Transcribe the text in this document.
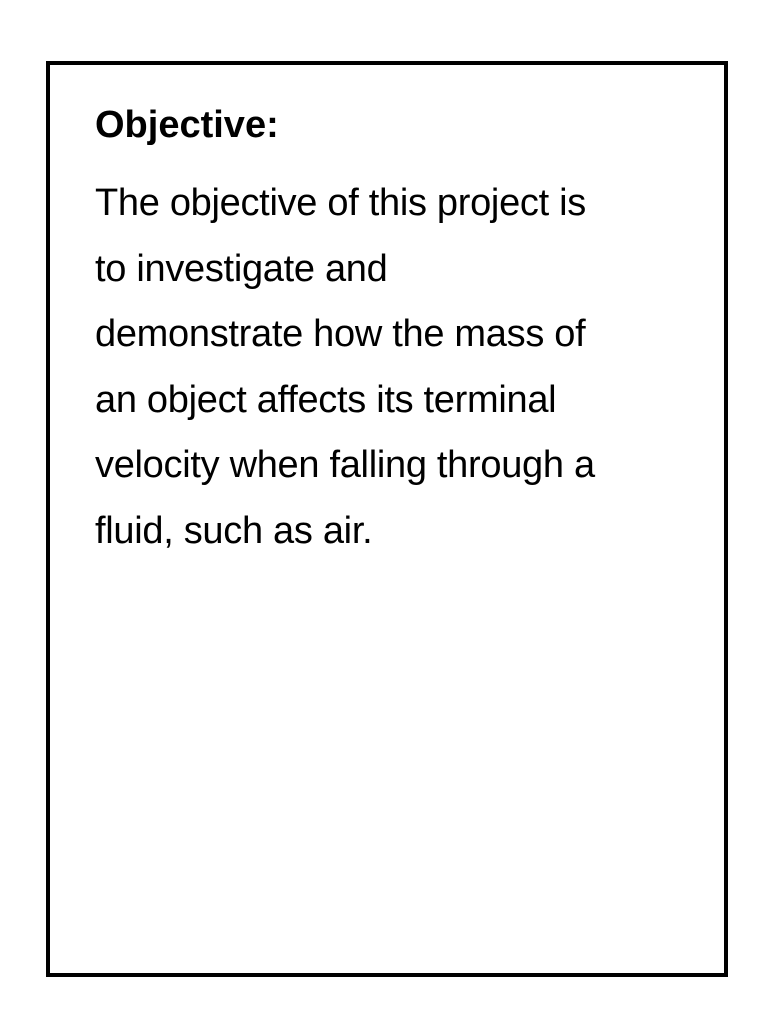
Objective:

The objective of this project is
to investigate and
demonstrate how the mass of
an object affects its terminal
velocity when falling through a
fluid, such as air.
